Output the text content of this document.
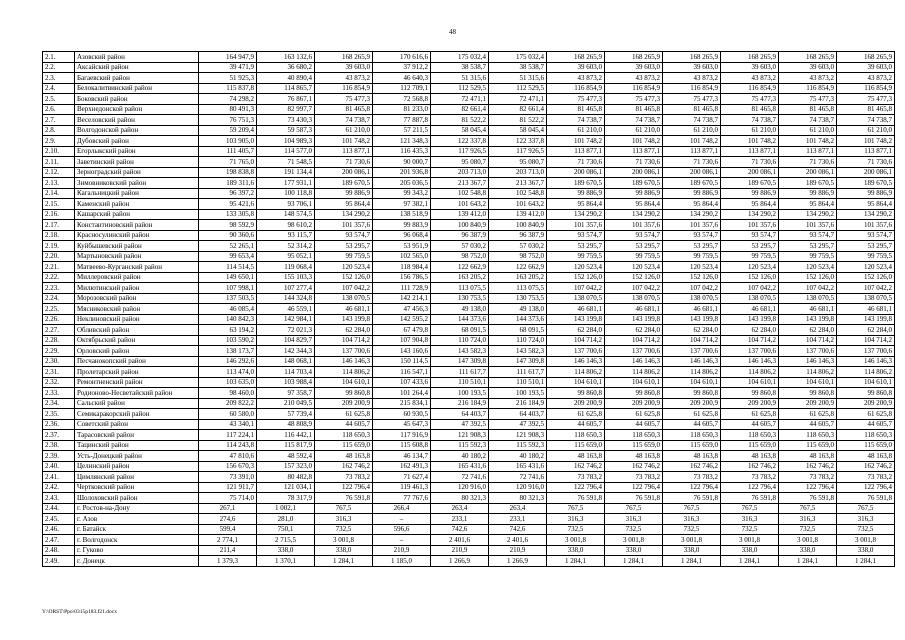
48
2.1.	Азовский район	164 947,9	163 132,6	168 265,9	170 616,6	175 032,4	175 032,4	168 265,9	168 265,9	168 265,9	168 265,9	168 265,9	168 265,9
2.2.	Аксайский район	39 471,9	36 680,2	39 603,0	37 912,2	38 538,7	38 538,7	39 603,0	39 603,0	39 603,0	39 603,0	39 603,0	39 603,0
2.3.	Багаевский район	51 925,3	40 890,4	43 873,2	46 640,3	51 315,6	51 315,6	43 873,2	43 873,2	43 873,2	43 873,2	43 873,2	43 873,2
2.4.	Белокалитвинский район	115 837,8	114 865,7	116 854,9	112 709,1	112 529,5	112 529,5	116 854,9	116 854,9	116 854,9	116 854,9	116 854,9	116 854,9
2.5.	Боковский район	74 298,2	76 867,1	75 477,3	72 568,8	72 471,1	72 471,1	75 477,3	75 477,3	75 477,3	75 477,3	75 477,3	75 477,3
2.6.	Верхнедонской район	80 491,3	82 997,7	81 465,8	81 233,0	82 661,4	82 661,4	81 465,8	81 465,8	81 465,8	81 465,8	81 465,8	81 465,8
2.7.	Веселовский район	76 751,3	73 430,3	74 738,7	77 887,8	81 522,2	81 522,2	74 738,7	74 738,7	74 738,7	74 738,7	74 738,7	74 738,7
2.8.	Волгодонской район	59 209,4	59 587,3	61 210,0	57 211,5	58 045,4	58 045,4	61 210,0	61 210,0	61 210,0	61 210,0	61 210,0	61 210,0
2.9.	Дубовский район	103 905,0	104 989,3	101 748,2	121 348,3	122 337,8	122 337,8	101 748,2	101 748,2	101 748,2	101 748,2	101 748,2	101 748,2
2.10.	Егорлыкский район	111 405,7	114 577,0	113 877,1	116 435,3	117 926,5	117 926,5	113 877,1	113 877,1	113 877,1	113 877,1	113 877,1	113 877,1
2.11.	Заветинский район	71 765,0	71 548,5	71 730,6	90 000,7	95 080,7	95 080,7	71 730,6	71 730,6	71 730,6	71 730,6	71 730,6	71 730,6
2.12.	Зерноградский район	198 838,8	191 134,4	200 086,1	201 936,8	203 713,0	203 713,0	200 086,1	200 086,1	200 086,1	200 086,1	200 086,1	200 086,1
2.13.	Зимовниковский район	189 311,6	177 931,1	189 670,5	205 036,5	213 367,7	213 367,7	189 670,5	189 670,5	189 670,5	189 670,5	189 670,5	189 670,5
2.14.	Кагальницкий район	96 397,2	100 118,8	99 886,9	99 343,2	102 548,8	102 548,8	99 886,9	99 886,9	99 886,9	99 886,9	99 886,9	99 886,9
2.15.	Каменский район	95 421,6	93 706,1	95 864,4	97 382,1	101 643,2	101 643,2	95 864,4	95 864,4	95 864,4	95 864,4	95 864,4	95 864,4
2.16.	Кашарский район	133 305,8	148 574,5	134 290,2	138 518,9	139 412,0	139 412,0	134 290,2	134 290,2	134 290,2	134 290,2	134 290,2	134 290,2
2.17.	Константиновский район	98 592,9	98 610,2	101 357,6	99 883,9	100 840,9	100 840,9	101 357,6	101 357,6	101 357,6	101 357,6	101 357,6	101 357,6
2.18.	Красносулинский район	90 360,6	93 115,7	93 574,7	96 068,4	96 387,9	96 387,9	93 574,7	93 574,7	93 574,7	93 574,7	93 574,7	93 574,7
2.19.	Куйбышевский район	52 265,1	52 314,2	53 295,7	53 951,9	57 030,2	57 030,2	53 295,7	53 295,7	53 295,7	53 295,7	53 295,7	53 295,7
2.20.	Мартыновский район	99 653,4	95 052,1	99 759,5	102 565,0	98 752,0	98 752,0	99 759,5	99 759,5	99 759,5	99 759,5	99 759,5	99 759,5
2.21.	Матвеево-Курганский район	114 514,5	119 068,4	120 523,4	118 984,4	122 662,9	122 662,9	120 523,4	120 523,4	120 523,4	120 523,4	120 523,4	120 523,4
2.22.	Миллеровский район	149 650,1	155 103,3	152 126,0	156 786,5	163 205,2	163 205,2	152 126,0	152 126,0	152 126,0	152 126,0	152 126,0	152 126,0
2.23.	Милютинский район	107 998,1	107 277,4	107 042,2	111 728,9	113 075,5	113 075,5	107 042,2	107 042,2	107 042,2	107 042,2	107 042,2	107 042,2
2.24.	Морозовский район	137 503,5	144 324,8	138 070,5	142 214,1	130 753,5	130 753,5	138 070,5	138 070,5	138 070,5	138 070,5	138 070,5	138 070,5
2.25.	Мясниковский район	46 085,4	46 559,1	46 681,1	47 456,3	49 138,0	49 138,0	46 681,1	46 681,1	46 681,1	46 681,1	46 681,1	46 681,1
2.26.	Неклиновский район	140 842,3	142 984,1	143 199,8	142 595,2	144 373,6	144 373,6	143 199,8	143 199,8	143 199,8	143 199,8	143 199,8	143 199,8
2.27.	Обливский район	63 194,2	72 021,3	62 284,0	67 479,8	68 091,5	68 091,5	62 284,0	62 284,0	62 284,0	62 284,0	62 284,0	62 284,0
2.28.	Октябрьский район	103 590,2	104 829,7	104 714,2	107 904,8	110 724,0	110 724,0	104 714,2	104 714,2	104 714,2	104 714,2	104 714,2	104 714,2
2.29.	Орловский район	138 173,7	142 344,3	137 700,6	143 160,6	143 582,3	143 582,3	137 700,6	137 700,6	137 700,6	137 700,6	137 700,6	137 700,6
2.30.	Песчанокопский район	146 292,6	148 068,1	146 146,3	150 114,5	147 309,8	147 309,8	146 146,3	146 146,3	146 146,3	146 146,3	146 146,3	146 146,3
2.31.	Пролетарский район	113 474,0	114 703,4	114 806,2	116 547,1	111 617,7	111 617,7	114 806,2	114 806,2	114 806,2	114 806,2	114 806,2	114 806,2
2.32.	Ремонтненский район	103 635,0	103 988,4	104 610,1	107 433,6	110 510,1	110 510,1	104 610,1	104 610,1	104 610,1	104 610,1	104 610,1	104 610,1
2.33.	Родионово-Несветайский район	98 460,0	97 358,7	99 860,8	101 264,4	100 193,5	100 193,5	99 860,8	99 860,8	99 860,8	99 860,8	99 860,8	99 860,8
2.34.	Сальский район	209 822,2	210 049,5	209 200,9	215 834,1	216 184,9	216 184,9	209 200,9	209 200,9	209 200,9	209 200,9	209 200,9	209 200,9
2.35.	Семикаракорский район	60 580,0	57 739,4	61 625,8	60 930,5	64 403,7	64 403,7	61 625,8	61 625,8	61 625,8	61 625,8	61 625,8	61 625,8
2.36.	Советский район	43 340,1	48 808,9	44 605,7	45 647,3	47 392,5	47 392,5	44 605,7	44 605,7	44 605,7	44 605,7	44 605,7	44 605,7
2.37.	Тарасовский район	117 224,1	116 442,1	118 650,3	117 916,9	121 908,3	121 908,3	118 650,3	118 650,3	118 650,3	118 650,3	118 650,3	118 650,3
2.38.	Тацинский район	114 243,8	115 817,9	115 659,0	115 608,8	115 592,3	115 592,3	115 659,0	115 659,0	115 659,0	115 659,0	115 659,0	115 659,0
2.39.	Усть-Донецкий район	47 810,6	48 592,4	48 163,8	46 134,7	40 180,2	40 180,2	48 163,8	48 163,8	48 163,8	48 163,8	48 163,8	48 163,8
2.40.	Целинский район	156 670,3	157 323,0	162 746,2	162 491,3	165 431,6	165 431,6	162 746,2	162 746,2	162 746,2	162 746,2	162 746,2	162 746,2
2.41.	Цимлянский район	73 391,0	80 482,8	73 783,2	71 627,4	72 741,6	72 741,6	73 783,2	73 783,2	73 783,2	73 783,2	73 783,2	73 783,2
2.42.	Чертковский район	121 911,7	121 034,1	122 796,4	119 461,3	120 916,0	120 916,0	122 796,4	122 796,4	122 796,4	122 796,4	122 796,4	122 796,4
2.43.	Шолоховский район	75 714,0	78 317,9	76 591,8	77 767,6	80 321,3	80 321,3	76 591,8	76 591,8	76 591,8	76 591,8	76 591,8	76 591,8
2.44.	г. Ростов-на-Дону	267,1	1 002,1	767,5	266,4	263,4	263,4	767,5	767,5	767,5	767,5	767,5	767,5
2.45.	г. Азов	274,6	281,0	316,3	–	233,1	233,1	316,3	316,3	316,3	316,3	316,3	316,3
2.46.	г. Батайск	599,4	750,1	732,5	596,6	742,6	742,6	732,5	732,5	732,5	732,5	732,5	732,5
2.47.	г. Волгодонск	2 774,1	2 715,5	3 001,8	–	2 401,6	2 401,6	3 001,8	3 001,8	3 001,8	3 001,8	3 001,8	3 001,8
2.48.	г. Гуково	211,4	338,0	338,0	210,9	210,9	210,9	338,0	338,0	338,0	338,0	338,0	338,0
2.49.	г. Донецк	1 379,3	1 370,1	1 284,1	1 185,0	1 266,9	1 266,9	1 284,1	1 284,1	1 284,1	1 284,1	1 284,1	1 284,1
Y:\ORST\Ppo\0315p183.f21.docx
